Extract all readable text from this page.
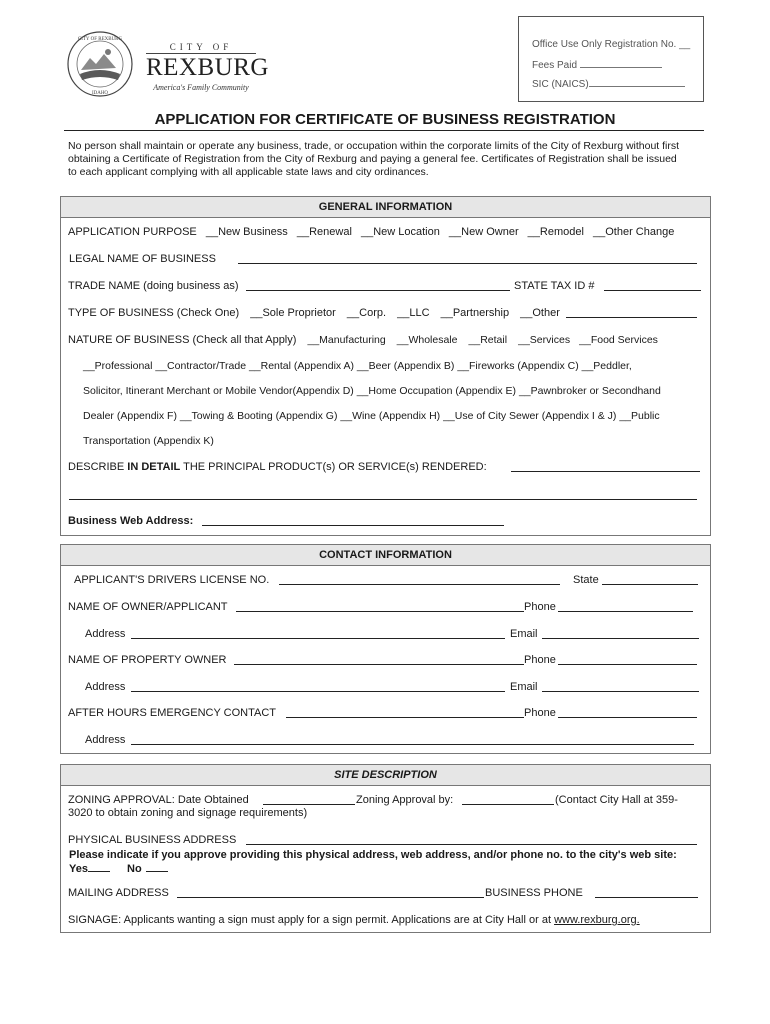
CITY OF REXBURG
IDAHO
CITY OF
REXBURG
America's Family Community
Office Use Only Registration No. __
Fees Paid
SIC (NAICS)
APPLICATION FOR CERTIFICATE OF BUSINESS REGISTRATION
No person shall maintain or operate any business, trade, or occupation within the corporate limits of the City of Rexburg without first obtaining a Certificate of Registration from the City of Rexburg and paying a general fee. Certificates of Registration shall be issued to each applicant complying with all applicable state laws and city ordinances.
GENERAL INFORMATION
APPLICATION PURPOSE __New Business __Renewal __New Location __New Owner __Remodel __Other Change
LEGAL NAME OF BUSINESS
TRADE NAME (doing business as)	STATE TAX ID #
TYPE OF BUSINESS (Check One) __Sole Proprietor __Corp. __LLC __Partnership __Other
NATURE OF BUSINESS (Check all that Apply) __Manufacturing __Wholesale __Retail __Services __Food Services
__Professional __Contractor/Trade __Rental (Appendix A) __Beer (Appendix B) __Fireworks (Appendix C) __Peddler,
Solicitor, Itinerant Merchant or Mobile Vendor(Appendix D) __Home Occupation (Appendix E) __Pawnbroker or Secondhand
Dealer (Appendix F) __Towing & Booting (Appendix G) __Wine (Appendix H) __Use of City Sewer (Appendix I & J) __Public
Transportation (Appendix K)
DESCRIBE IN DETAIL THE PRINCIPAL PRODUCT(s) OR SERVICE(s) RENDERED:
Business Web Address:
CONTACT INFORMATION
APPLICANT'S DRIVERS LICENSE NO.	State
NAME OF OWNER/APPLICANT	Phone
Address	Email
NAME OF PROPERTY OWNER	Phone
Address	Email
AFTER HOURS EMERGENCY CONTACT	Phone
Address
SITE DESCRIPTION
ZONING APPROVAL: Date Obtained	Zoning Approval by:	(Contact City Hall at 359-
3020 to obtain zoning and signage requirements)
PHYSICAL BUSINESS ADDRESS
Please indicate if you approve providing this physical address, web address, and/or phone no. to the city's web site:
Yes	No
MAILING ADDRESS	BUSINESS PHONE
SIGNAGE: Applicants wanting a sign must apply for a sign permit. Applications are at City Hall or at www.rexburg.org.
